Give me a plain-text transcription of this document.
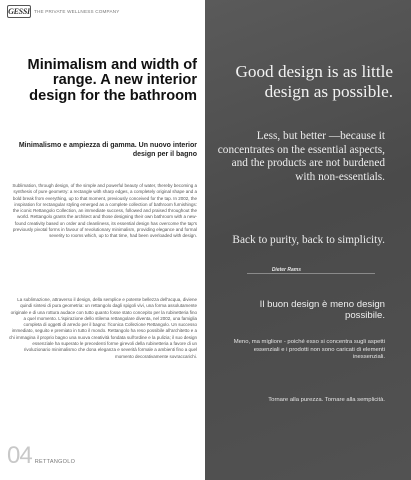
GESSI THE PRIVATE WELLNESS COMPANY
Minimalism and width of range. A new interior design for the bathroom
Minimalismo e ampiezza di gamma. Un nuovo interior design per il bagno
Sublimation, through design, of the simple and powerful beauty of water, thereby becoming a synthesis of pure geometry: a rectangle with sharp edges, a completely original shape and a bold break from everything, up to that moment, previously conceived for the tap. In 2002, the inspiration for rectangular styling emerged as a complete collection of bathroom furnishings: the iconic Rettangolo Collection, an immediate success, followed and praised throughout the world. Rettangolo grants the architect and those designing their own bathroom with a new-found creativity based on order and cleanliness, its essential design has overcome the tap's previously pivotal forms in favour of revolutionary minimalism, providing elegance and formal severity to rooms which, up to that time, had been overloaded with design.
La sublimazione, attraverso il design, della semplice e potente bellezza dell'acqua, diviene quindi sintesi di pura geometria: un rettangolo dagli spigoli vivi, una forma assolutamente originale e di una rottura audace con tutto quanto fosse stato concepito per la rubinetteria fino a quel momento. L'ispirazione dello stilema rettangolare diventa, nel 2002, una famiglia completa di oggetti di arredo per il bagno: l'iconica Collezione Rettangolo. Un successo immediato, seguito e premiato in tutto il mondo. Rettangolo ha reso possibile all'architetto e a chi immagina il proprio bagno una nuova creatività fondata sull'ordine e la pulizia; il suo design essenziale ha superato le precedenti forme girevoli della rubinetteria a favore di un rivoluzionario minimalismo che dona eleganza e severità formale a ambienti fino a quel momento decorativamente sovraccarichi.
04 RETTANGOLO
Good design is as little design as possible.
Less, but better —because it concentrates on the essential aspects, and the products are not burdened with non-essentials.
Back to purity, back to simplicity.
Dieter Rams
Il buon design è meno design possibile.
Meno, ma migliore - poiché esso si concentra sugli aspetti essenziali e i prodotti non sono caricati di elementi inessenziali.
Tornare alla purezza. Tornare alla semplicità.
